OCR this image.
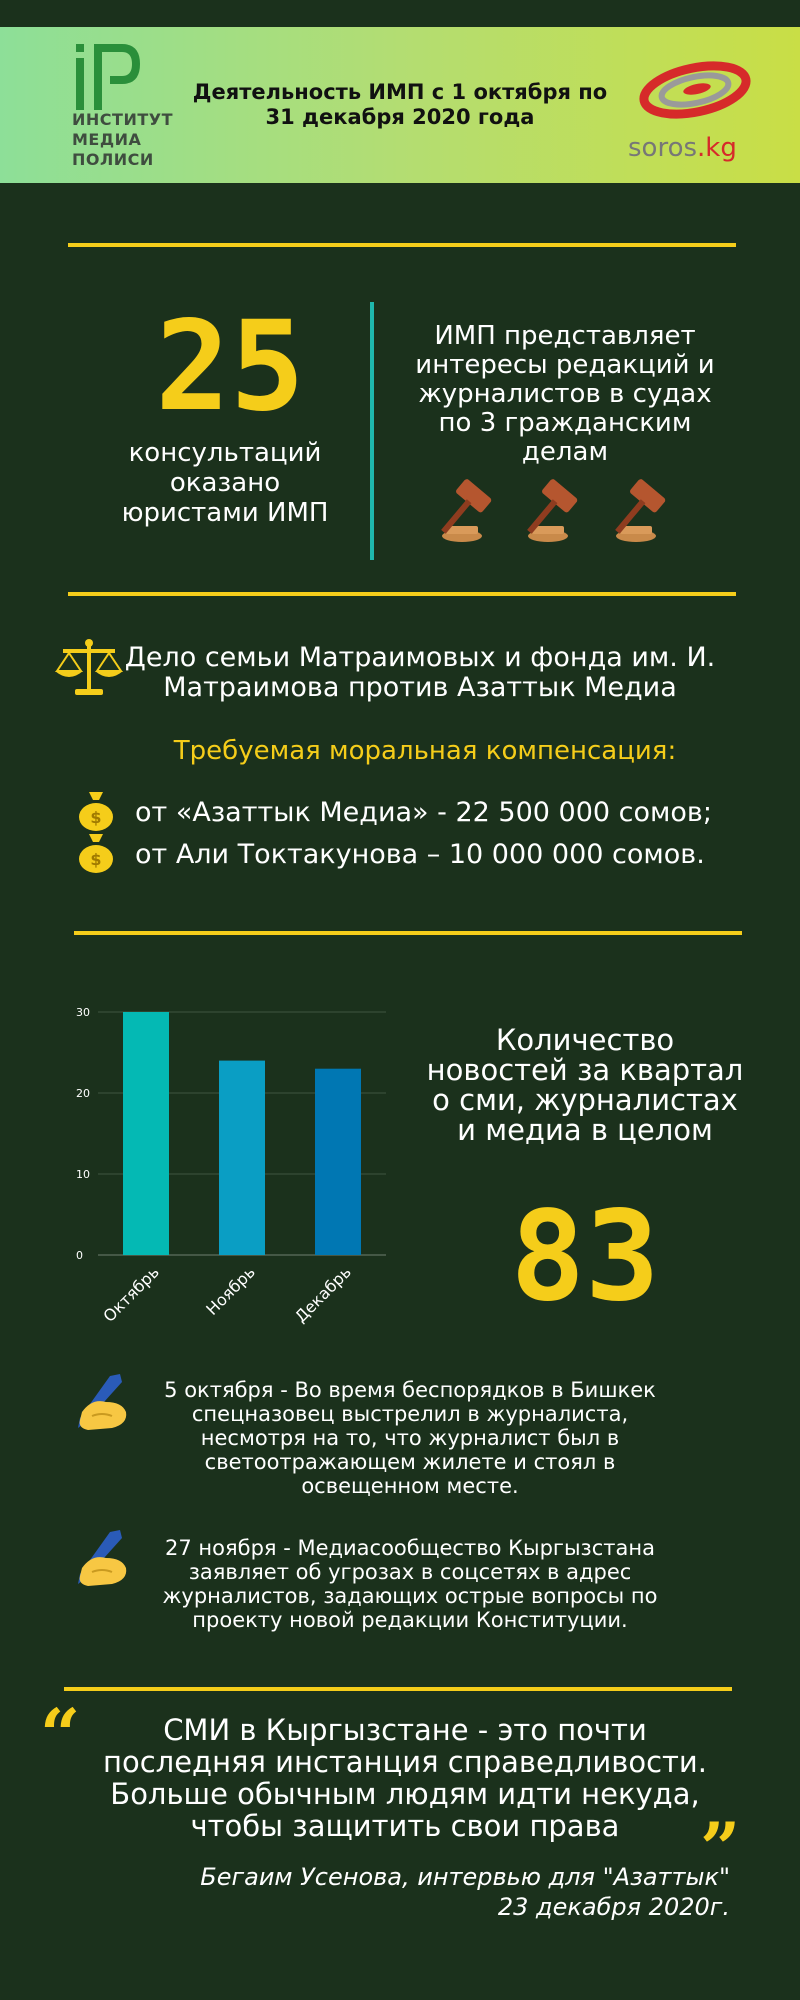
ИНСТИТУТ
МЕДИА
ПОЛИСИ
Деятельность ИМП с 1 октября по 31 декабря 2020 года
soros.kg
25
консультаций оказано юристами ИМП
ИМП представляет интересы редакций и журналистов в судах по 3 гражданским делам
Дело семьи Матраимовых и фонда им. И. Матраимова против Азаттык Медиа
Требуемая моральная компенсация:
$ от «Азаттык Медиа» - 22 500 000 сомов;
$ от Али Токтакунова – 10 000 000 сомов.
0
10
20
30
Октябрь Ноябрь Декабрь
Количество новостей за квартал о сми, журналистах и медиа в целом
83
5 октября - Во время беспорядков в Бишкек спецназовец выстрелил в журналиста, несмотря на то, что журналист был в светоотражающем жилете и стоял в освещенном месте.
27 ноября - Медиасообщество Кыргызстана заявляет об угрозах в соцсетях в адрес журналистов, задающих острые вопросы по проекту новой редакции Конституции.
“	СМИ в Кыргызстане - это почти последняя инстанция справедливости. Больше обычным людям идти некуда, чтобы защитить свои права	”
Бегаим Усенова, интервью для "Азаттык"
23 декабря 2020г.
